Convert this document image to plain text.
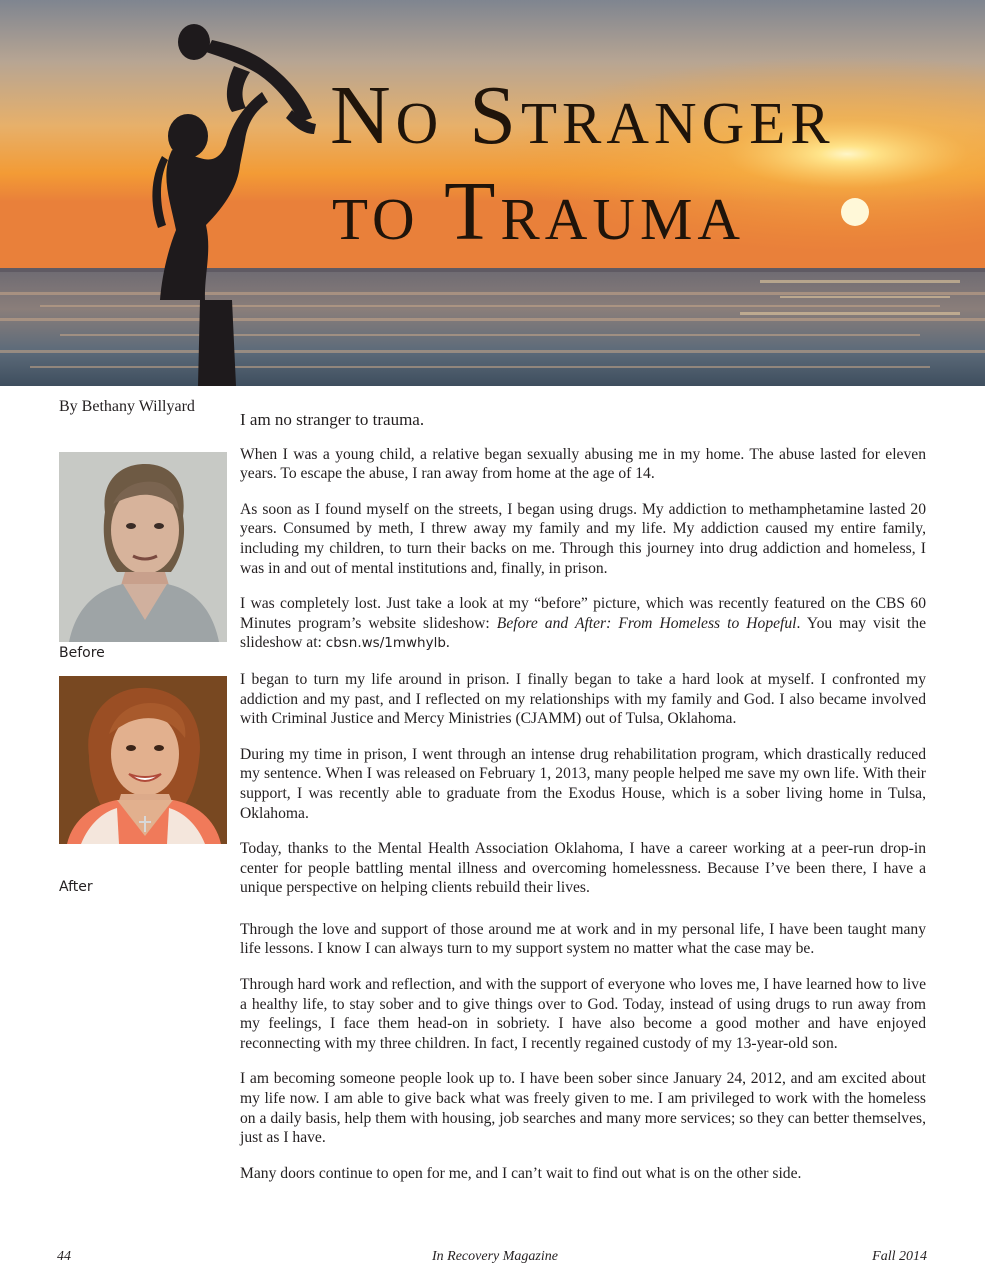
No Stranger
to Trauma
By Bethany Willyard
Before
After

I am no stranger to trauma.

When I was a young child, a relative began sexually abusing me in my home. The abuse lasted for eleven years. To escape the abuse, I ran away from home at the age of 14.

As soon as I found myself on the streets, I began using drugs. My addiction to methamphetamine lasted 20 years. Consumed by meth, I threw away my family and my life. My addiction caused my entire family, including my children, to turn their backs on me. Through this journey into drug addiction and homeless, I was in and out of mental institutions and, finally, in prison.

I was completely lost. Just take a look at my “before” picture, which was recently featured on the CBS 60 Minutes program’s website slideshow: Before and After: From Homeless to Hopeful. You may visit the slideshow at: cbsn.ws/1mwhylb.

I began to turn my life around in prison. I finally began to take a hard look at myself. I confronted my addiction and my past, and I reflected on my relationships with my family and God. I also became involved with Criminal Justice and Mercy Ministries (CJAMM) out of Tulsa, Oklahoma.

During my time in prison, I went through an intense drug rehabilitation program, which drastically reduced my sentence. When I was released on February 1, 2013, many people helped me save my own life. With their support, I was recently able to graduate from the Exodus House, which is a sober living home in Tulsa, Oklahoma.

Today, thanks to the Mental Health Association Oklahoma, I have a career working at a peer-run drop-in center for people battling mental illness and overcoming homelessness. Because I’ve been there, I have a unique perspective on helping clients rebuild their lives.

Through the love and support of those around me at work and in my personal life, I have been taught many life lessons. I know I can always turn to my support system no matter what the case may be.

Through hard work and reflection, and with the support of everyone who loves me, I have learned how to live a healthy life, to stay sober and to give things over to God. Today, instead of using drugs to run away from my feelings, I face them head-on in sobriety. I have also become a good mother and have enjoyed reconnecting with my three children. In fact, I recently regained custody of my 13-year-old son.

I am becoming someone people look up to. I have been sober since January 24, 2012, and am excited about my life now. I am able to give back what was freely given to me. I am privileged to work with the homeless on a daily basis, help them with housing, job searches and many more services; so they can better themselves, just as I have.

Many doors continue to open for me, and I can’t wait to find out what is on the other side.

44	In Recovery Magazine	Fall 2014
